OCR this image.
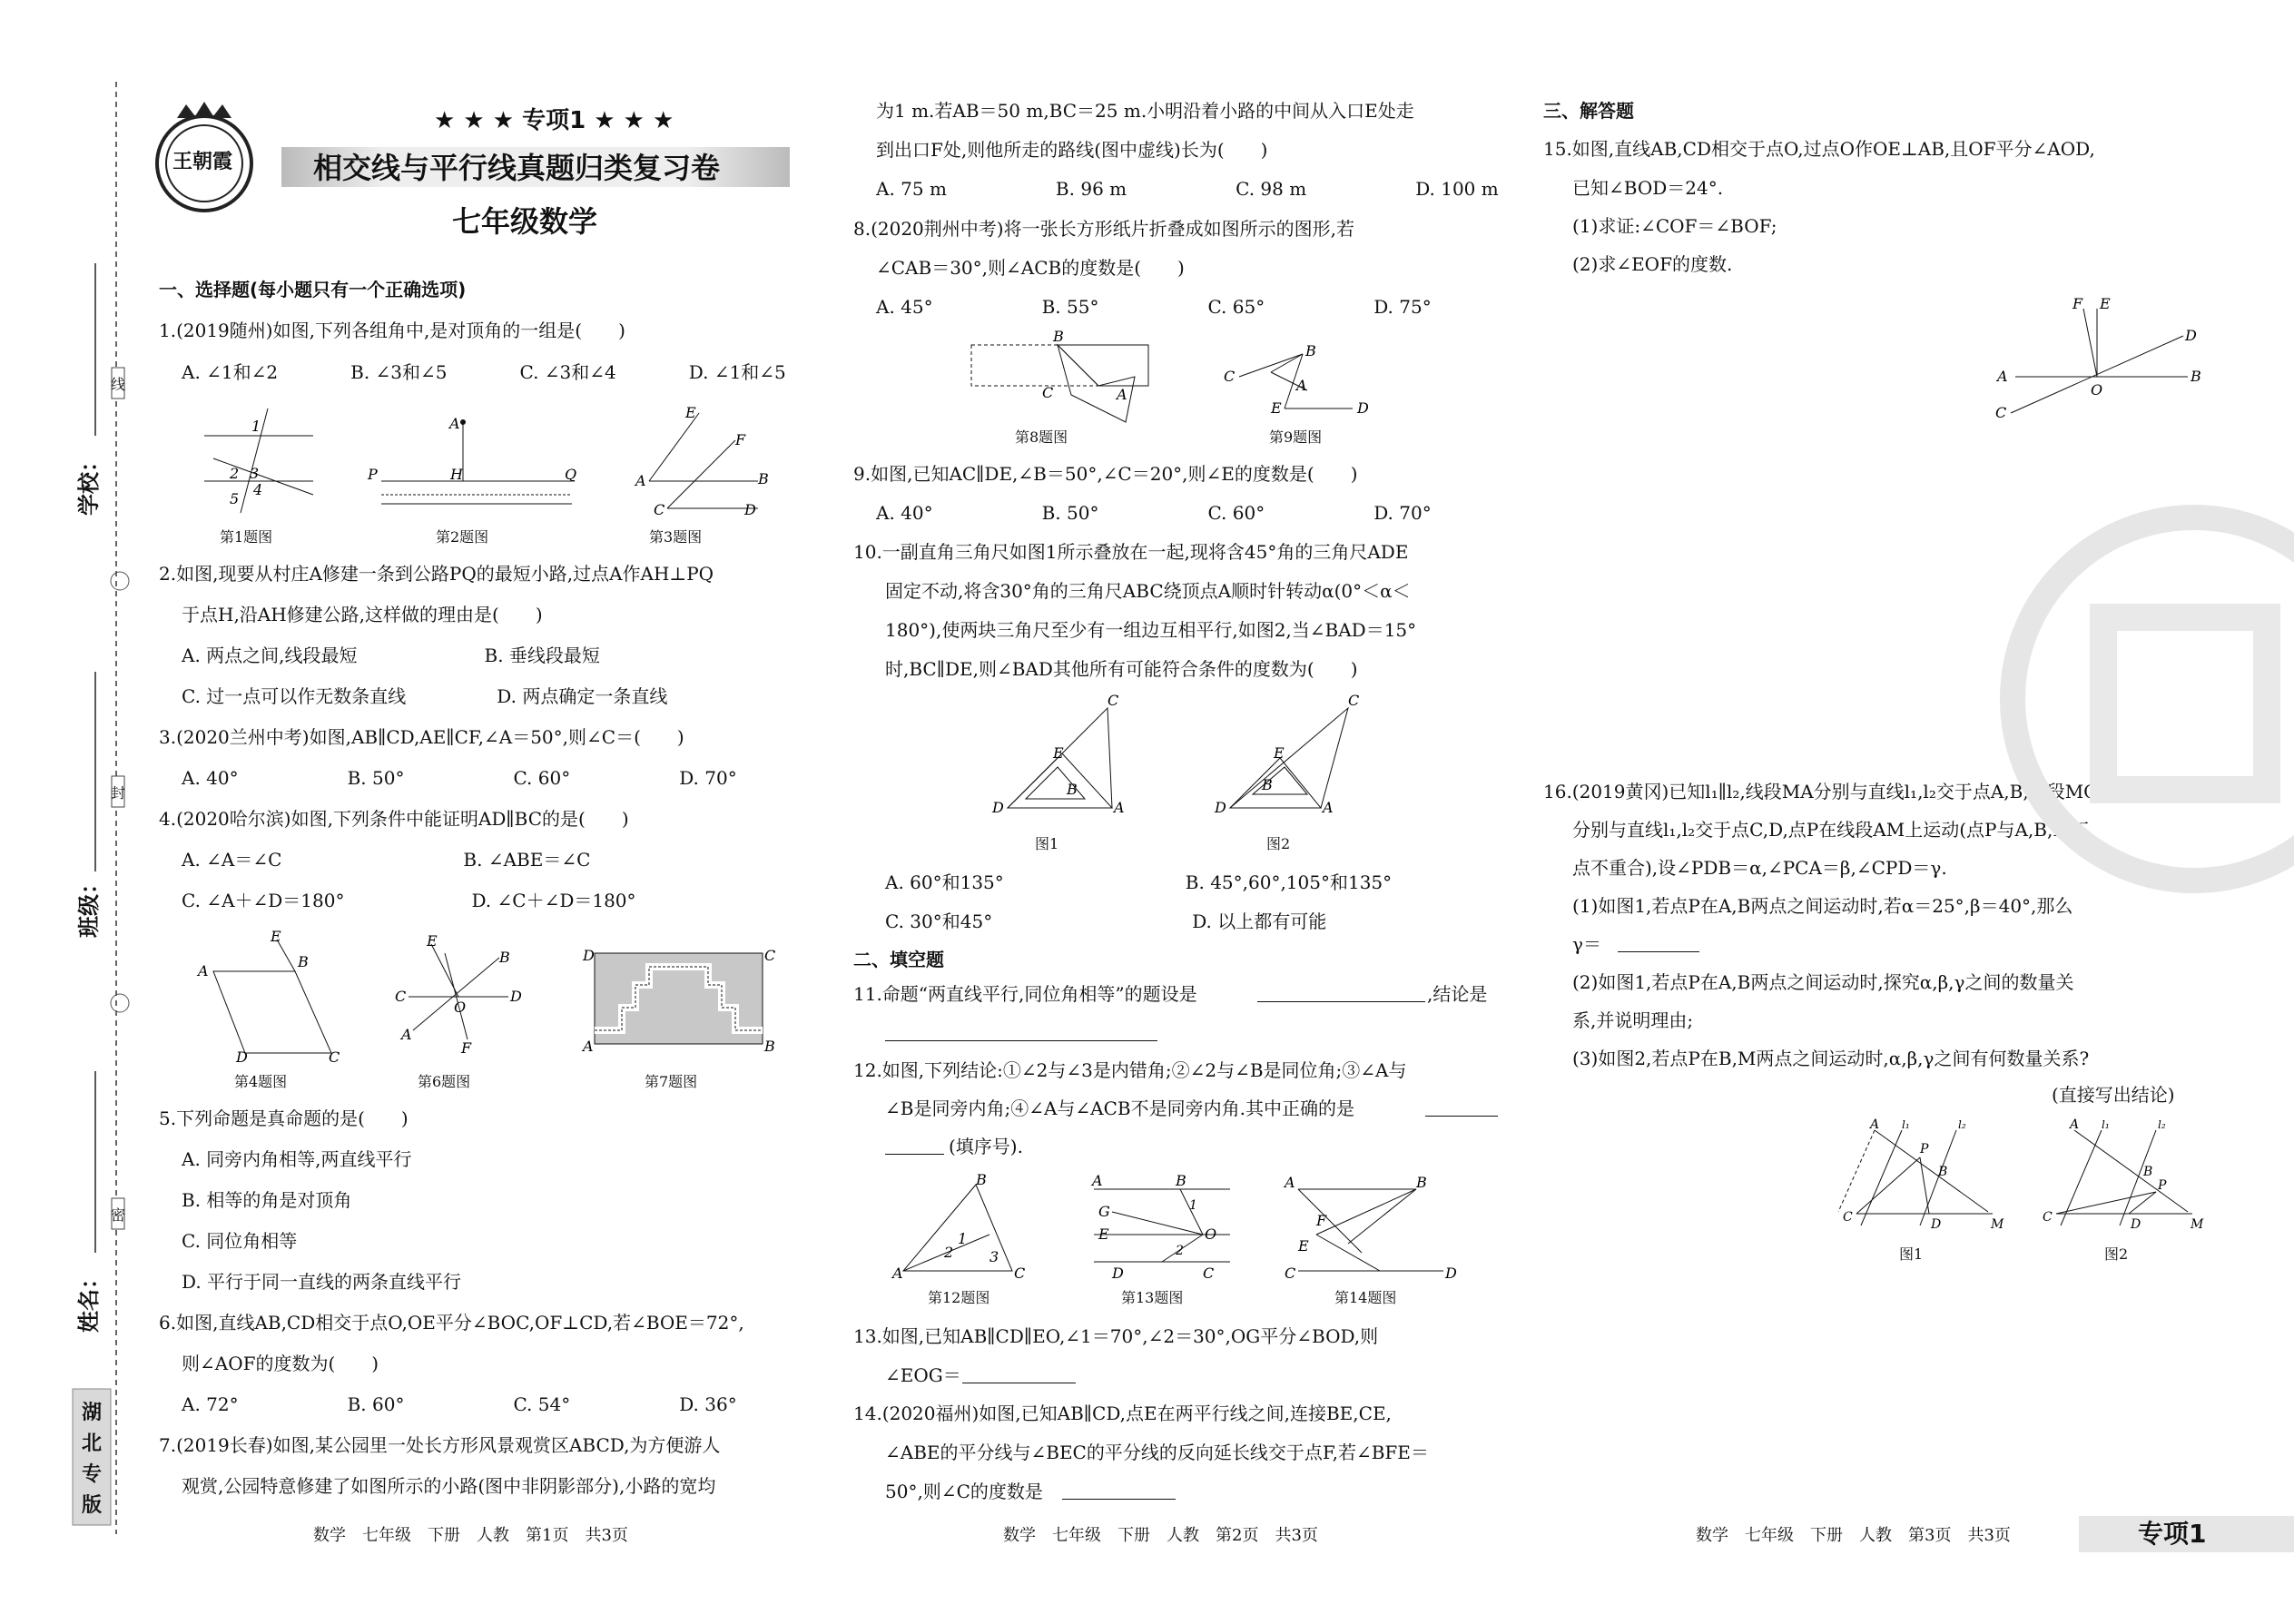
学校：
班级：
姓名：
线
封
密
湖北专版
王朝霞
★ ★ ★ 专项1 ★ ★ ★
相交线与平行线真题归类复习卷
七年级数学
一、选择题(每小题只有一个正确选项)
1.(2019随州)如图,下列各组角中,是对顶角的一组是(　　)
A. ∠1和∠2　　　　B. ∠3和∠5　　　　C. ∠3和∠4　　　　D. ∠1和∠5
2.如图,现要从村庄A修建一条到公路PQ的最短小路,过点A作AH⊥PQ
于点H,沿AH修建公路,这样做的理由是(　　)
A. 两点之间,线段最短　　　　　　　B. 垂线段最短
C. 过一点可以作无数条直线　　　　　D. 两点确定一条直线
3.(2020兰州中考)如图,AB∥CD,AE∥CF,∠A＝50°,则∠C＝(　　)
A. 40°　　　　　　B. 50°　　　　　　C. 60°　　　　　　D. 70°
4.(2020哈尔滨)如图,下列条件中能证明AD∥BC的是(　　)
A. ∠A＝∠C　　　　　　　　　　B. ∠ABE＝∠C
C. ∠A＋∠D＝180°　　　　　　　D. ∠C＋∠D＝180°
5.下列命题是真命题的是(　　)
A. 同旁内角相等,两直线平行
B. 相等的角是对顶角
C. 同位角相等
D. 平行于同一直线的两条直线平行
6.如图,直线AB,CD相交于点O,OE平分∠BOC,OF⊥CD,若∠BOE＝72°,
则∠AOF的度数为(　　)
A. 72°　　　　　　B. 60°　　　　　　C. 54°　　　　　　D. 36°
7.(2019长春)如图,某公园里一处长方形风景观赏区ABCD,为方便游人
观赏,公园特意修建了如图所示的小路(图中非阴影部分),小路的宽均
1
2 3
4
5
第1题图
A
P	H	Q
第2题图
A
E
B
F
C	D
第3题图
A
E
B
D	C
第4题图
C	D
B
A
E
F
O
第6题图
D	C
A	B
第7题图
为1 m.若AB＝50 m,BC＝25 m.小明沿着小路的中间从入口E处走
到出口F处,则他所走的路线(图中虚线)长为(　　)
A. 75 m　　　　　　B. 96 m　　　　　　C. 98 m　　　　　　D. 100 m
8.(2020荆州中考)将一张长方形纸片折叠成如图所示的图形,若
∠CAB＝30°,则∠ACB的度数是(　　)
A. 45°　　　　　　B. 55°　　　　　　C. 65°　　　　　　D. 75°
9.如图,已知AC∥DE,∠B＝50°,∠C＝20°,则∠E的度数是(　　)
A. 40°　　　　　　B. 50°　　　　　　C. 60°　　　　　　D. 70°
10.一副直角三角尺如图1所示叠放在一起,现将含45°角的三角尺ADE
固定不动,将含30°角的三角尺ABC绕顶点A顺时针转动α(0°＜α＜
180°),使两块三角尺至少有一组边互相平行,如图2,当∠BAD＝15°
时,BC∥DE,则∠BAD其他所有可能符合条件的度数为(　　)
A. 60°和135°　　　　　　　　　　B. 45°,60°,105°和135°
C. 30°和45°　　　　　　　　　　　D. 以上都有可能
二、填空题
11.命题“两直线平行,同位角相等”的题设是	,结论是
12.如图,下列结论:①∠2与∠3是内错角;②∠2与∠B是同位角;③∠A与
∠B是同旁内角;④∠A与∠ACB不是同旁内角.其中正确的是
(填序号).
13.如图,已知AB∥CD∥EO,∠1＝70°,∠2＝30°,OG平分∠BOD,则
∠EOG＝
14.(2020福州)如图,已知AB∥CD,点E在两平行线之间,连接BE,CE,
∠ABE的平分线与∠BEC的平分线的反向延长线交于点F,若∠BFE＝
50°,则∠C的度数是
B
C	A
第8题图
C
B
A
E	D
第9题图
D
C
E
A
B
图1
D
C
E
A
B
图2
A
B
C
2 3
1
第12题图
A	B
G
E	O
D	C
1
2
第13题图
A	B
F
E
C	D
第14题图
三、解答题
15.如图,直线AB,CD相交于点O,过点O作OE⊥AB,且OF平分∠AOD,
已知∠BOD＝24°.
(1)求证:∠COF＝∠BOF;
(2)求∠EOF的度数.
16.(2019黄冈)已知l₁∥l₂,线段MA分别与直线l₁,l₂交于点A,B,线段MC
分别与直线l₁,l₂交于点C,D,点P在线段AM上运动(点P与A,B,M三
点不重合),设∠PDB＝α,∠PCA＝β,∠CPD＝γ.
(1)如图1,若点P在A,B两点之间运动时,若α＝25°,β＝40°,那么
γ＝
(2)如图1,若点P在A,B两点之间运动时,探究α,β,γ之间的数量关
系,并说明理由;
(3)如图2,若点P在B,M两点之间运动时,α,β,γ之间有何数量关系?
(直接写出结论)
A	B
C
D
F E
O
A l₁	l₂
P
C	D	M
B
图1
A l₁	l₂
P
C	D	M
B
图2
数学　七年级　下册　人教　第1页　共3页	数学　七年级　下册　人教　第2页　共3页	数学　七年级　下册　人教　第3页　共3页	专项1
